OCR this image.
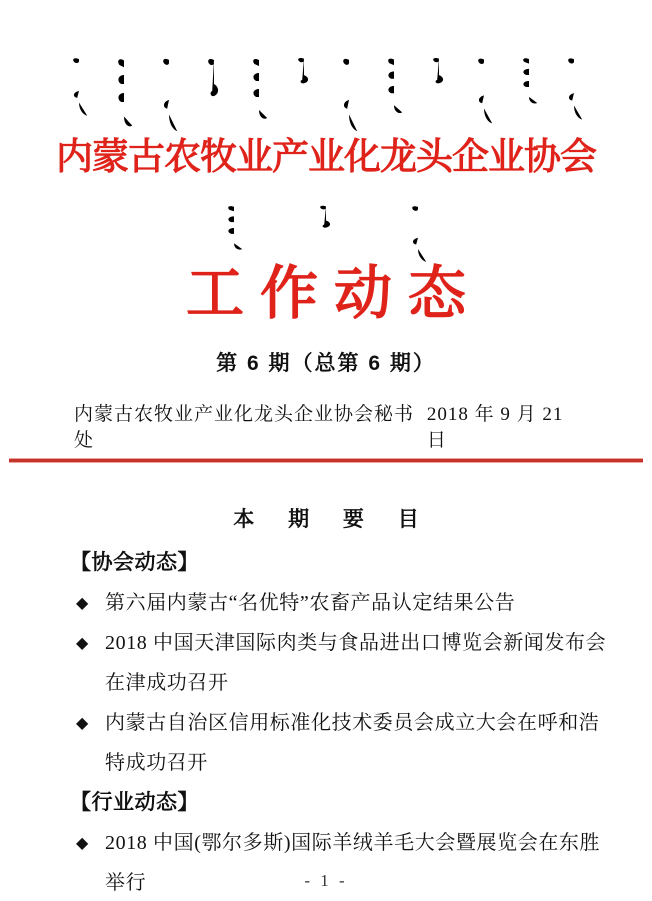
内蒙古农牧业产业化龙头企业协会
工作动态
第 6 期（总第 6 期）
内蒙古农牧业产业化龙头企业协会秘书处
2018 年 9 月 21 日
本 期 要 目
【协会动态】
◆ 第六届内蒙古“名优特”农畜产品认定结果公告
◆ 2018 中国天津国际肉类与食品进出口博览会新闻发布会在津成功召开
◆ 内蒙古自治区信用标准化技术委员会成立大会在呼和浩特成功召开
【行业动态】
◆ 2018 中国(鄂尔多斯)国际羊绒羊毛大会暨展览会在东胜举行	- 1 -
